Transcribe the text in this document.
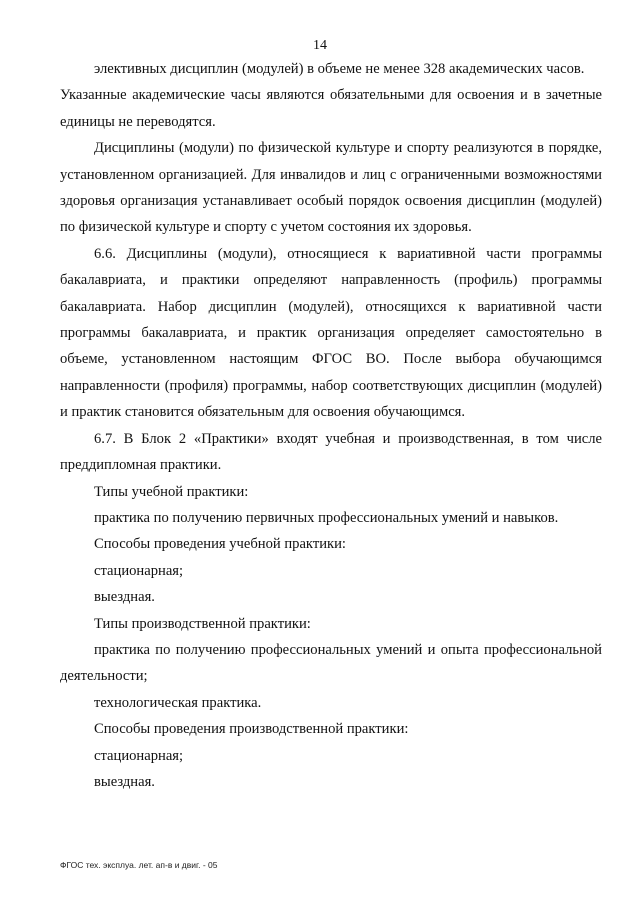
14

элективных дисциплин (модулей) в объеме не менее 328 академических часов.

Указанные академические часы являются обязательными для освоения и в зачетные единицы не переводятся.

Дисциплины (модули) по физической культуре и спорту реализуются в порядке, установленном организацией. Для инвалидов и лиц с ограниченными возможностями здоровья организация устанавливает особый порядок освоения дисциплин (модулей) по физической культуре и спорту с учетом состояния их здоровья.

6.6. Дисциплины (модули), относящиеся к вариативной части программы бакалавриата, и практики определяют направленность (профиль) программы бакалавриата. Набор дисциплин (модулей), относящихся к вариативной части программы бакалавриата, и практик организация определяет самостоятельно в объеме, установленном настоящим ФГОС ВО. После выбора обучающимся направленности (профиля) программы, набор соответствующих дисциплин (модулей) и практик становится обязательным для освоения обучающимся.

6.7. В Блок 2 «Практики» входят учебная и производственная, в том числе преддипломная практики.

Типы учебной практики:

практика по получению первичных профессиональных умений и навыков.

Способы проведения учебной практики:

стационарная;

выездная.

Типы производственной практики:

практика по получению профессиональных умений и опыта профессиональной деятельности;

технологическая практика.

Способы проведения производственной практики:

стационарная;

выездная.

ФГОС тех. эксплуа. лет. ап-в и двиг. - 05
